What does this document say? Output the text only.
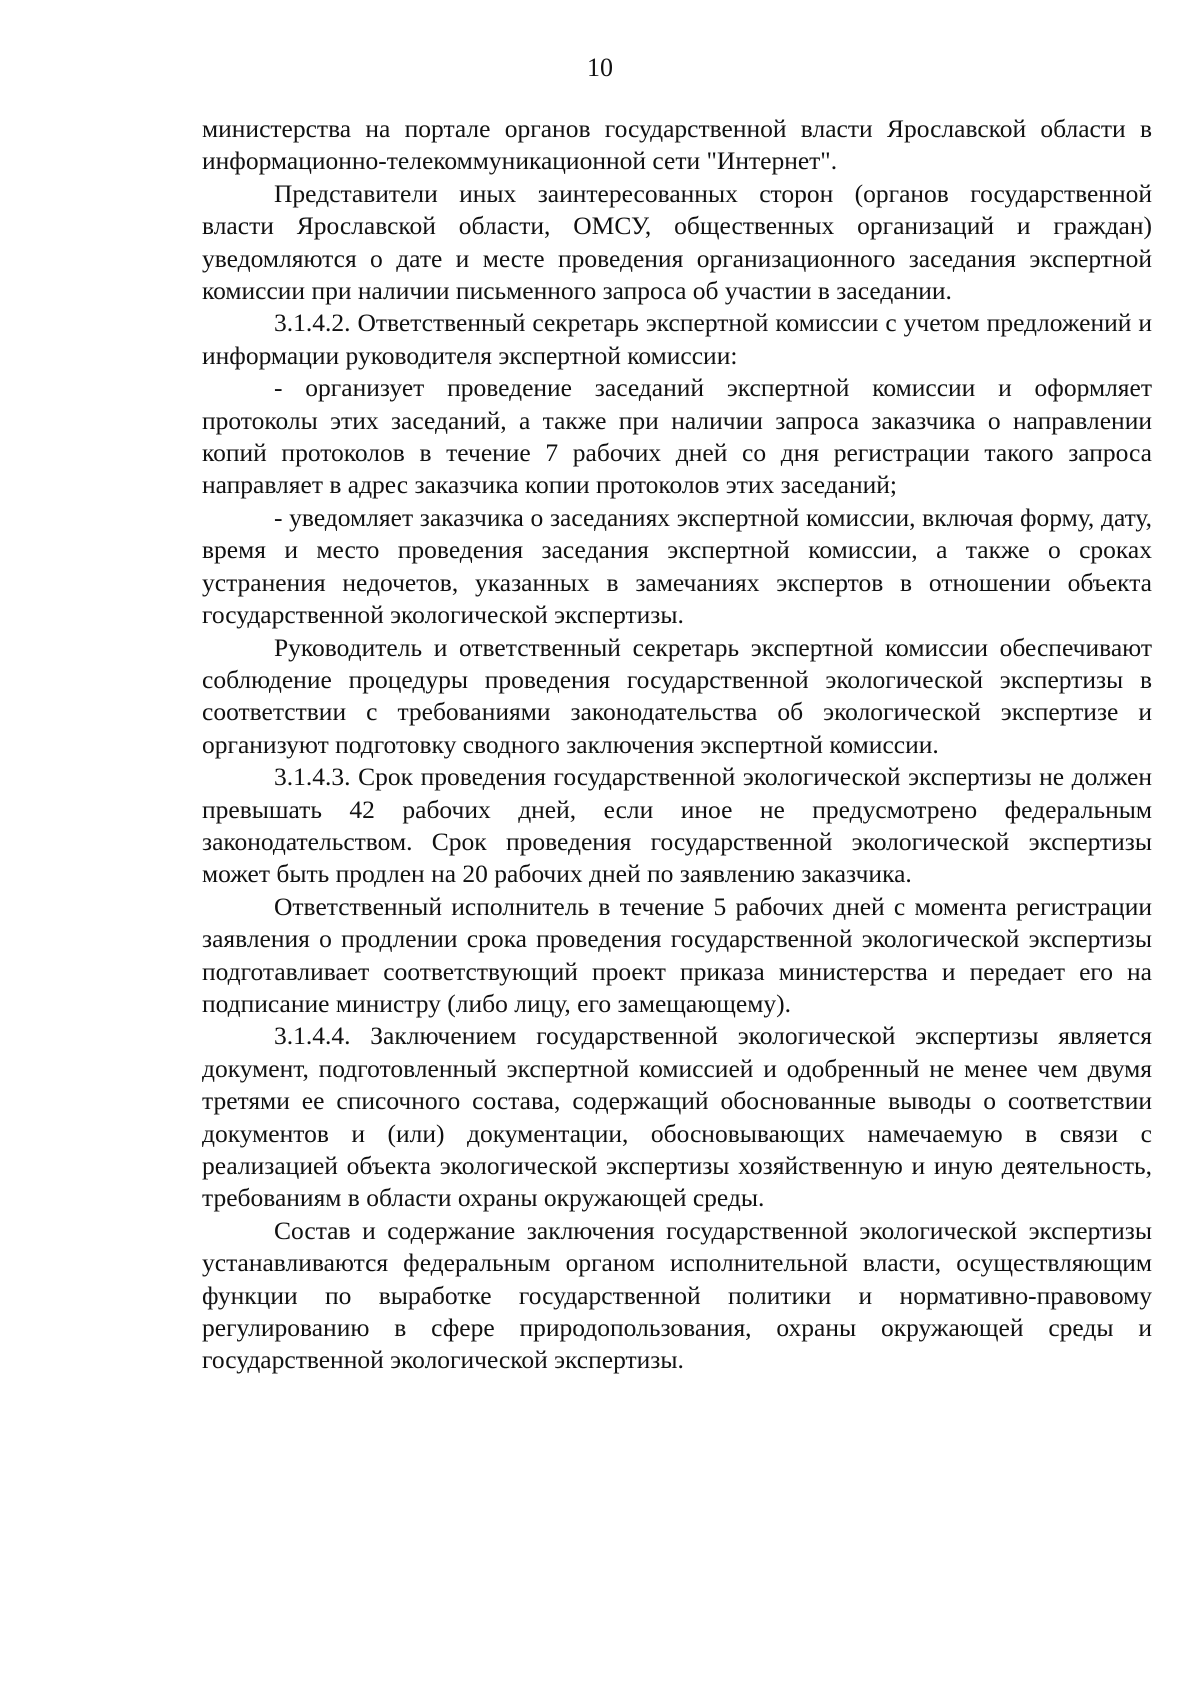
10

министерства на портале органов государственной власти Ярославской области в информационно-телекоммуникационной сети "Интернет".

Представители иных заинтересованных сторон (органов государственной власти Ярославской области, ОМСУ, общественных организаций и граждан) уведомляются о дате и месте проведения организационного заседания экспертной комиссии при наличии письменного запроса об участии в заседании.

3.1.4.2. Ответственный секретарь экспертной комиссии с учетом предложений и информации руководителя экспертной комиссии:

- организует проведение заседаний экспертной комиссии и оформляет протоколы этих заседаний, а также при наличии запроса заказчика о направлении копий протоколов в течение 7 рабочих дней со дня регистрации такого запроса направляет в адрес заказчика копии протоколов этих заседаний;

- уведомляет заказчика о заседаниях экспертной комиссии, включая форму, дату, время и место проведения заседания экспертной комиссии, а также о сроках устранения недочетов, указанных в замечаниях экспертов в отношении объекта государственной экологической экспертизы.

Руководитель и ответственный секретарь экспертной комиссии обеспечивают соблюдение процедуры проведения государственной экологической экспертизы в соответствии с требованиями законодательства об экологической экспертизе и организуют подготовку сводного заключения экспертной комиссии.

3.1.4.3. Срок проведения государственной экологической экспертизы не должен превышать 42 рабочих дней, если иное не предусмотрено федеральным законодательством. Срок проведения государственной экологической экспертизы может быть продлен на 20 рабочих дней по заявлению заказчика.

Ответственный исполнитель в течение 5 рабочих дней с момента регистрации заявления о продлении срока проведения государственной экологической экспертизы подготавливает соответствующий проект приказа министерства и передает его на подписание министру (либо лицу, его замещающему).

3.1.4.4. Заключением государственной экологической экспертизы является документ, подготовленный экспертной комиссией и одобренный не менее чем двумя третями ее списочного состава, содержащий обоснованные выводы о соответствии документов и (или) документации, обосновывающих намечаемую в связи с реализацией объекта экологической экспертизы хозяйственную и иную деятельность, требованиям в области охраны окружающей среды.

Состав и содержание заключения государственной экологической экспертизы устанавливаются федеральным органом исполнительной власти, осуществляющим функции по выработке государственной политики и нормативно-правовому регулированию в сфере природопользования, охраны окружающей среды и государственной экологической экспертизы.
